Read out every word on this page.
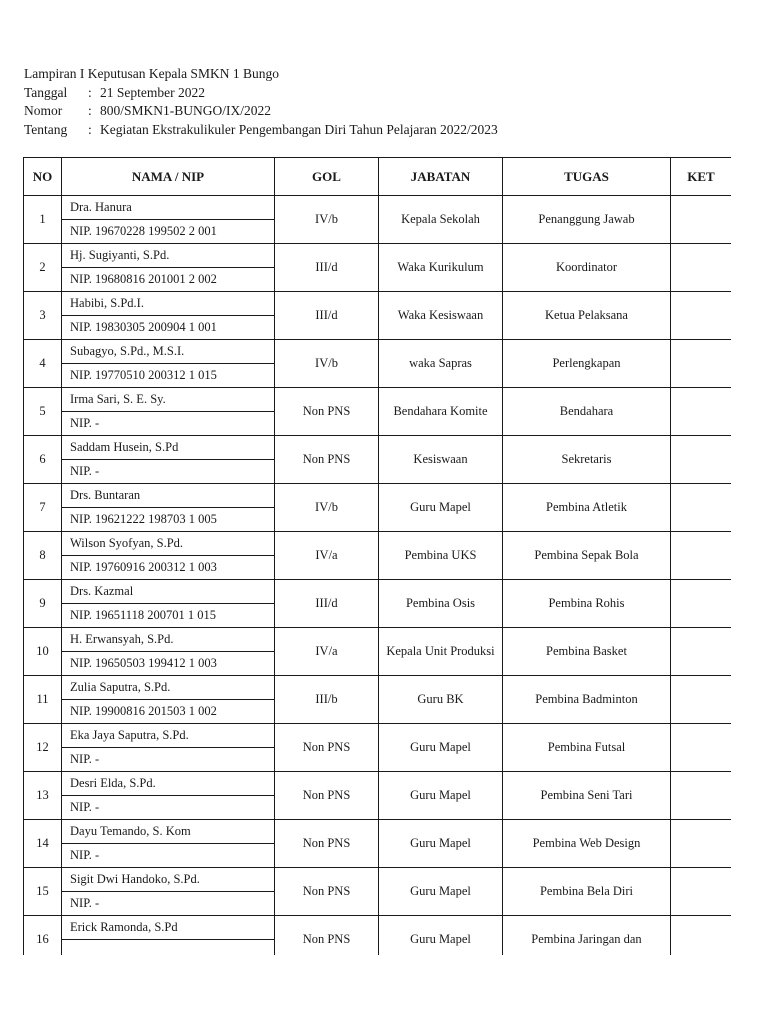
Lampiran I Keputusan Kepala SMKN 1 Bungo
Tanggal : 21 September 2022
Nomor : 800/SMKN1-BUNGO/IX/2022
Tentang : Kegiatan Ekstrakulikuler Pengembangan Diri Tahun Pelajaran 2022/2023
NO	NAMA / NIP	GOL	JABATAN	TUGAS	KET
1	Dra. Hanura	IV/b	Kepala Sekolah	Penanggung Jawab	
	NIP. 19670228 199502 2 001				
2	Hj. Sugiyanti, S.Pd.	III/d	Waka Kurikulum	Koordinator	
	NIP. 19680816 201001 2 002				
3	Habibi, S.Pd.I.	III/d	Waka Kesiswaan	Ketua Pelaksana	
	NIP. 19830305 200904 1 001				
4	Subagyo, S.Pd., M.S.I.	IV/b	waka Sapras	Perlengkapan	
	NIP. 19770510 200312 1 015				
5	Irma Sari, S. E. Sy.	Non PNS	Bendahara Komite	Bendahara	
	NIP. -				
6	Saddam Husein, S.Pd	Non PNS	Kesiswaan	Sekretaris	
	NIP. -				
7	Drs. Buntaran	IV/b	Guru Mapel	Pembina Atletik	
	NIP. 19621222 198703 1 005				
8	Wilson Syofyan, S.Pd.	IV/a	Pembina UKS	Pembina Sepak Bola	
	NIP. 19760916 200312 1 003				
9	Drs. Kazmal	III/d	Pembina Osis	Pembina Rohis	
	NIP. 19651118 200701 1 015				
10	H. Erwansyah, S.Pd.	IV/a	Kepala Unit Produksi	Pembina Basket	
	NIP. 19650503 199412 1 003				
11	Zulia Saputra, S.Pd.	III/b	Guru BK	Pembina Badminton	
	NIP. 19900816 201503 1 002				
12	Eka Jaya Saputra, S.Pd.	Non PNS	Guru Mapel	Pembina Futsal	
	NIP. -				
13	Desri Elda, S.Pd.	Non PNS	Guru Mapel	Pembina Seni Tari	
	NIP. -				
14	Dayu Temando, S. Kom	Non PNS	Guru Mapel	Pembina Web Design	
	NIP. -				
15	Sigit Dwi Handoko, S.Pd.	Non PNS	Guru Mapel	Pembina Bela Diri	
	NIP. -				
16	Erick Ramonda, S.Pd	Non PNS	Guru Mapel	Pembina Jaringan dan	
